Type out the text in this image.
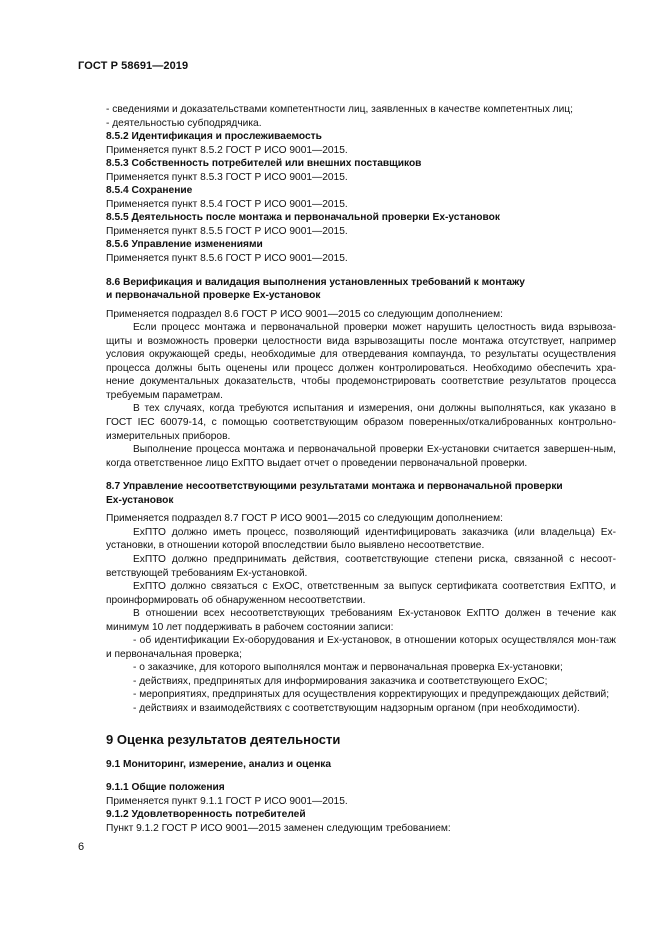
ГОСТ Р 58691—2019

- сведениями и доказательствами компетентности лиц, заявленных в качестве компетентных лиц;

- деятельностью субподрядчика.

8.5.2 Идентификация и прослеживаемость

Применяется пункт 8.5.2 ГОСТ Р ИСО 9001—2015.

8.5.3 Собственность потребителей или внешних поставщиков

Применяется пункт 8.5.3 ГОСТ Р ИСО 9001—2015.

8.5.4 Сохранение

Применяется пункт 8.5.4 ГОСТ Р ИСО 9001—2015.

8.5.5 Деятельность после монтажа и первоначальной проверки Ex-установок

Применяется пункт 8.5.5 ГОСТ Р ИСО 9001—2015.

8.5.6 Управление изменениями

Применяется пункт 8.5.6 ГОСТ Р ИСО 9001—2015.

8.6 Верификация и валидация выполнения установленных требований к монтажу

и первоначальной проверке Ex-установок

Применяется подраздел 8.6 ГОСТ Р ИСО 9001—2015 со следующим дополнением:

Если процесс монтажа и первоначальной проверки может нарушить целостность вида взрывоза-щиты и возможность проверки целостности вида взрывозащиты после монтажа отсутствует, например условия окружающей среды, необходимые для отвердевания компаунда, то результаты осуществления процесса должны быть оценены или процесс должен контролироваться. Необходимо обеспечить хра-нение документальных доказательств, чтобы продемонстрировать соответствие результатов процесса требуемым параметрам.

В тех случаях, когда требуются испытания и измерения, они должны выполняться, как указано в ГОСТ IEC 60079-14, с помощью соответствующим образом поверенных/откалиброванных контрольно-измерительных приборов.

Выполнение процесса монтажа и первоначальной проверки Ex-установки считается завершен-ным, когда ответственное лицо ЕхПТО выдает отчет о проведении первоначальной проверки.

8.7 Управление несоответствующими результатами монтажа и первоначальной проверки

Ex-установок

Применяется подраздел 8.7 ГОСТ Р ИСО 9001—2015 со следующим дополнением:

ЕхПТО должно иметь процесс, позволяющий идентифицировать заказчика (или владельца) Ex-установки, в отношении которой впоследствии было выявлено несоответствие.

ЕхПТО должно предпринимать действия, соответствующие степени риска, связанной с несоот-ветствующей требованиям Ex-установкой.

ЕхПТО должно связаться с ЕхОС, ответственным за выпуск сертификата соответствия ЕхПТО, и проинформировать об обнаруженном несоответствии.

В отношении всех несоответствующих требованиям Ex-установок ЕхПТО должен в течение как минимум 10 лет поддерживать в рабочем состоянии записи:

- об идентификации Ex-оборудования и Ex-установок, в отношении которых осуществлялся мон-таж и первоначальная проверка;

- о заказчике, для которого выполнялся монтаж и первоначальная проверка Ex-установки;

- действиях, предпринятых для информирования заказчика и соответствующего ЕхОС;

- мероприятиях, предпринятых для осуществления корректирующих и предупреждающих действий;

- действиях и взаимодействиях с соответствующим надзорным органом (при необходимости).

9 Оценка результатов деятельности

9.1 Мониторинг, измерение, анализ и оценка

9.1.1 Общие положения

Применяется пункт 9.1.1 ГОСТ Р ИСО 9001—2015.

9.1.2 Удовлетворенность потребителей

Пункт 9.1.2 ГОСТ Р ИСО 9001—2015 заменен следующим требованием:

6
